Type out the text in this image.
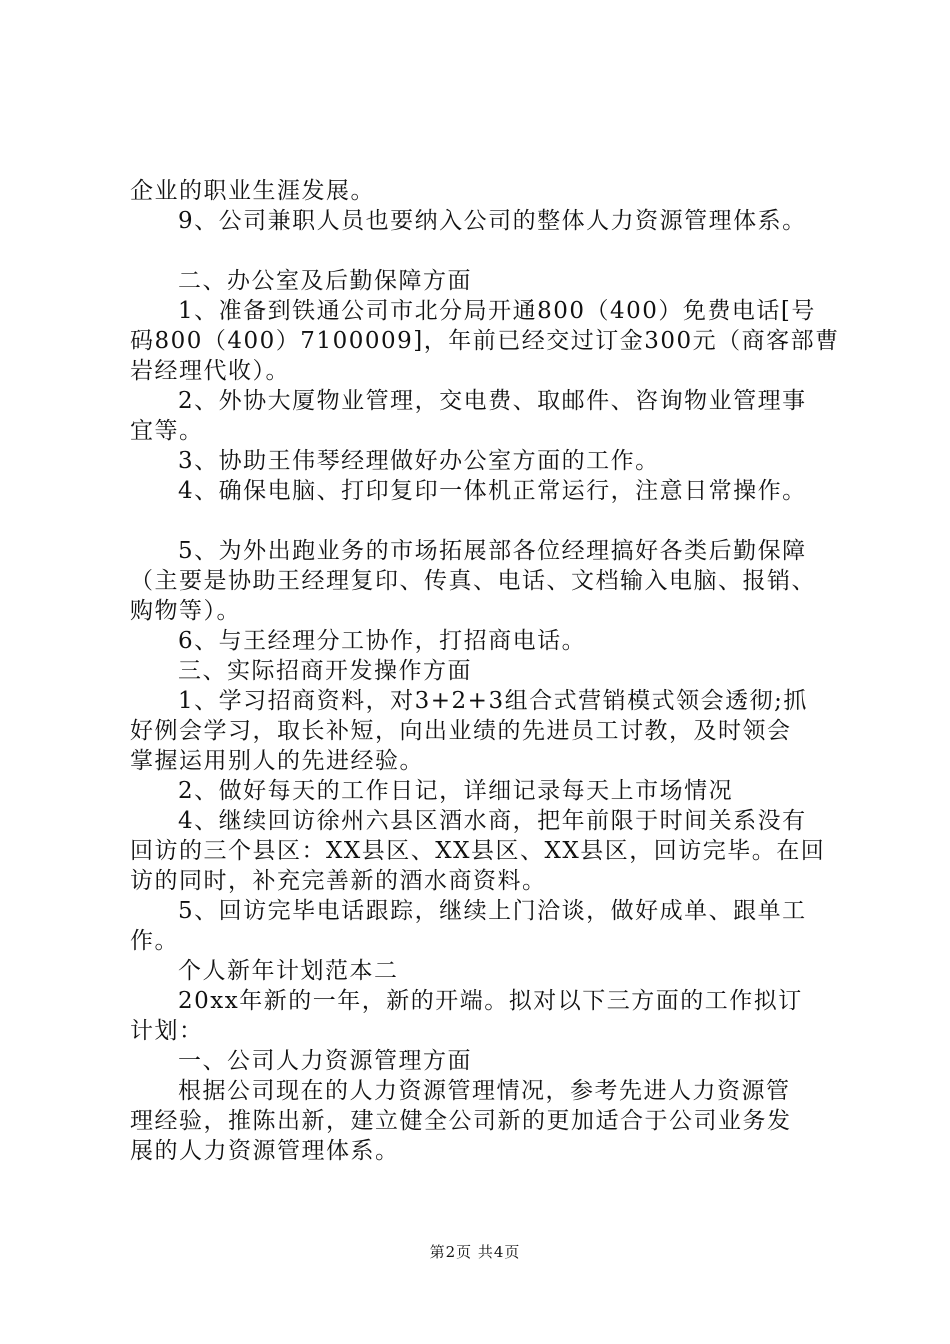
企业的职业生涯发展。
9、公司兼职人员也要纳入公司的整体人力资源管理体系。
二、办公室及后勤保障方面
1、准备到铁通公司市北分局开通800（400）免费电话[号
码800（400）7100009]，年前已经交过订金300元（商客部曹
岩经理代收）。
2、外协大厦物业管理，交电费、取邮件、咨询物业管理事
宜等。
3、协助王伟琴经理做好办公室方面的工作。
4、确保电脑、打印复印一体机正常运行，注意日常操作。
5、为外出跑业务的市场拓展部各位经理搞好各类后勤保障
（主要是协助王经理复印、传真、电话、文档输入电脑、报销、
购物等）。
6、与王经理分工协作，打招商电话。
三、实际招商开发操作方面
1、学习招商资料，对3+2+3组合式营销模式领会透彻;抓
好例会学习，取长补短，向出业绩的先进员工讨教，及时领会
掌握运用别人的先进经验。
2、做好每天的工作日记，详细记录每天上市场情况
4、继续回访徐州六县区酒水商，把年前限于时间关系没有
回访的三个县区：XX县区、XX县区、XX县区，回访完毕。在回
访的同时，补充完善新的酒水商资料。
5、回访完毕电话跟踪，继续上门洽谈，做好成单、跟单工
作。
个人新年计划范本二
20xx年新的一年，新的开端。拟对以下三方面的工作拟订
计划：
一、公司人力资源管理方面
根据公司现在的人力资源管理情况，参考先进人力资源管
理经验，推陈出新，建立健全公司新的更加适合于公司业务发
展的人力资源管理体系。
第2页 共4页
